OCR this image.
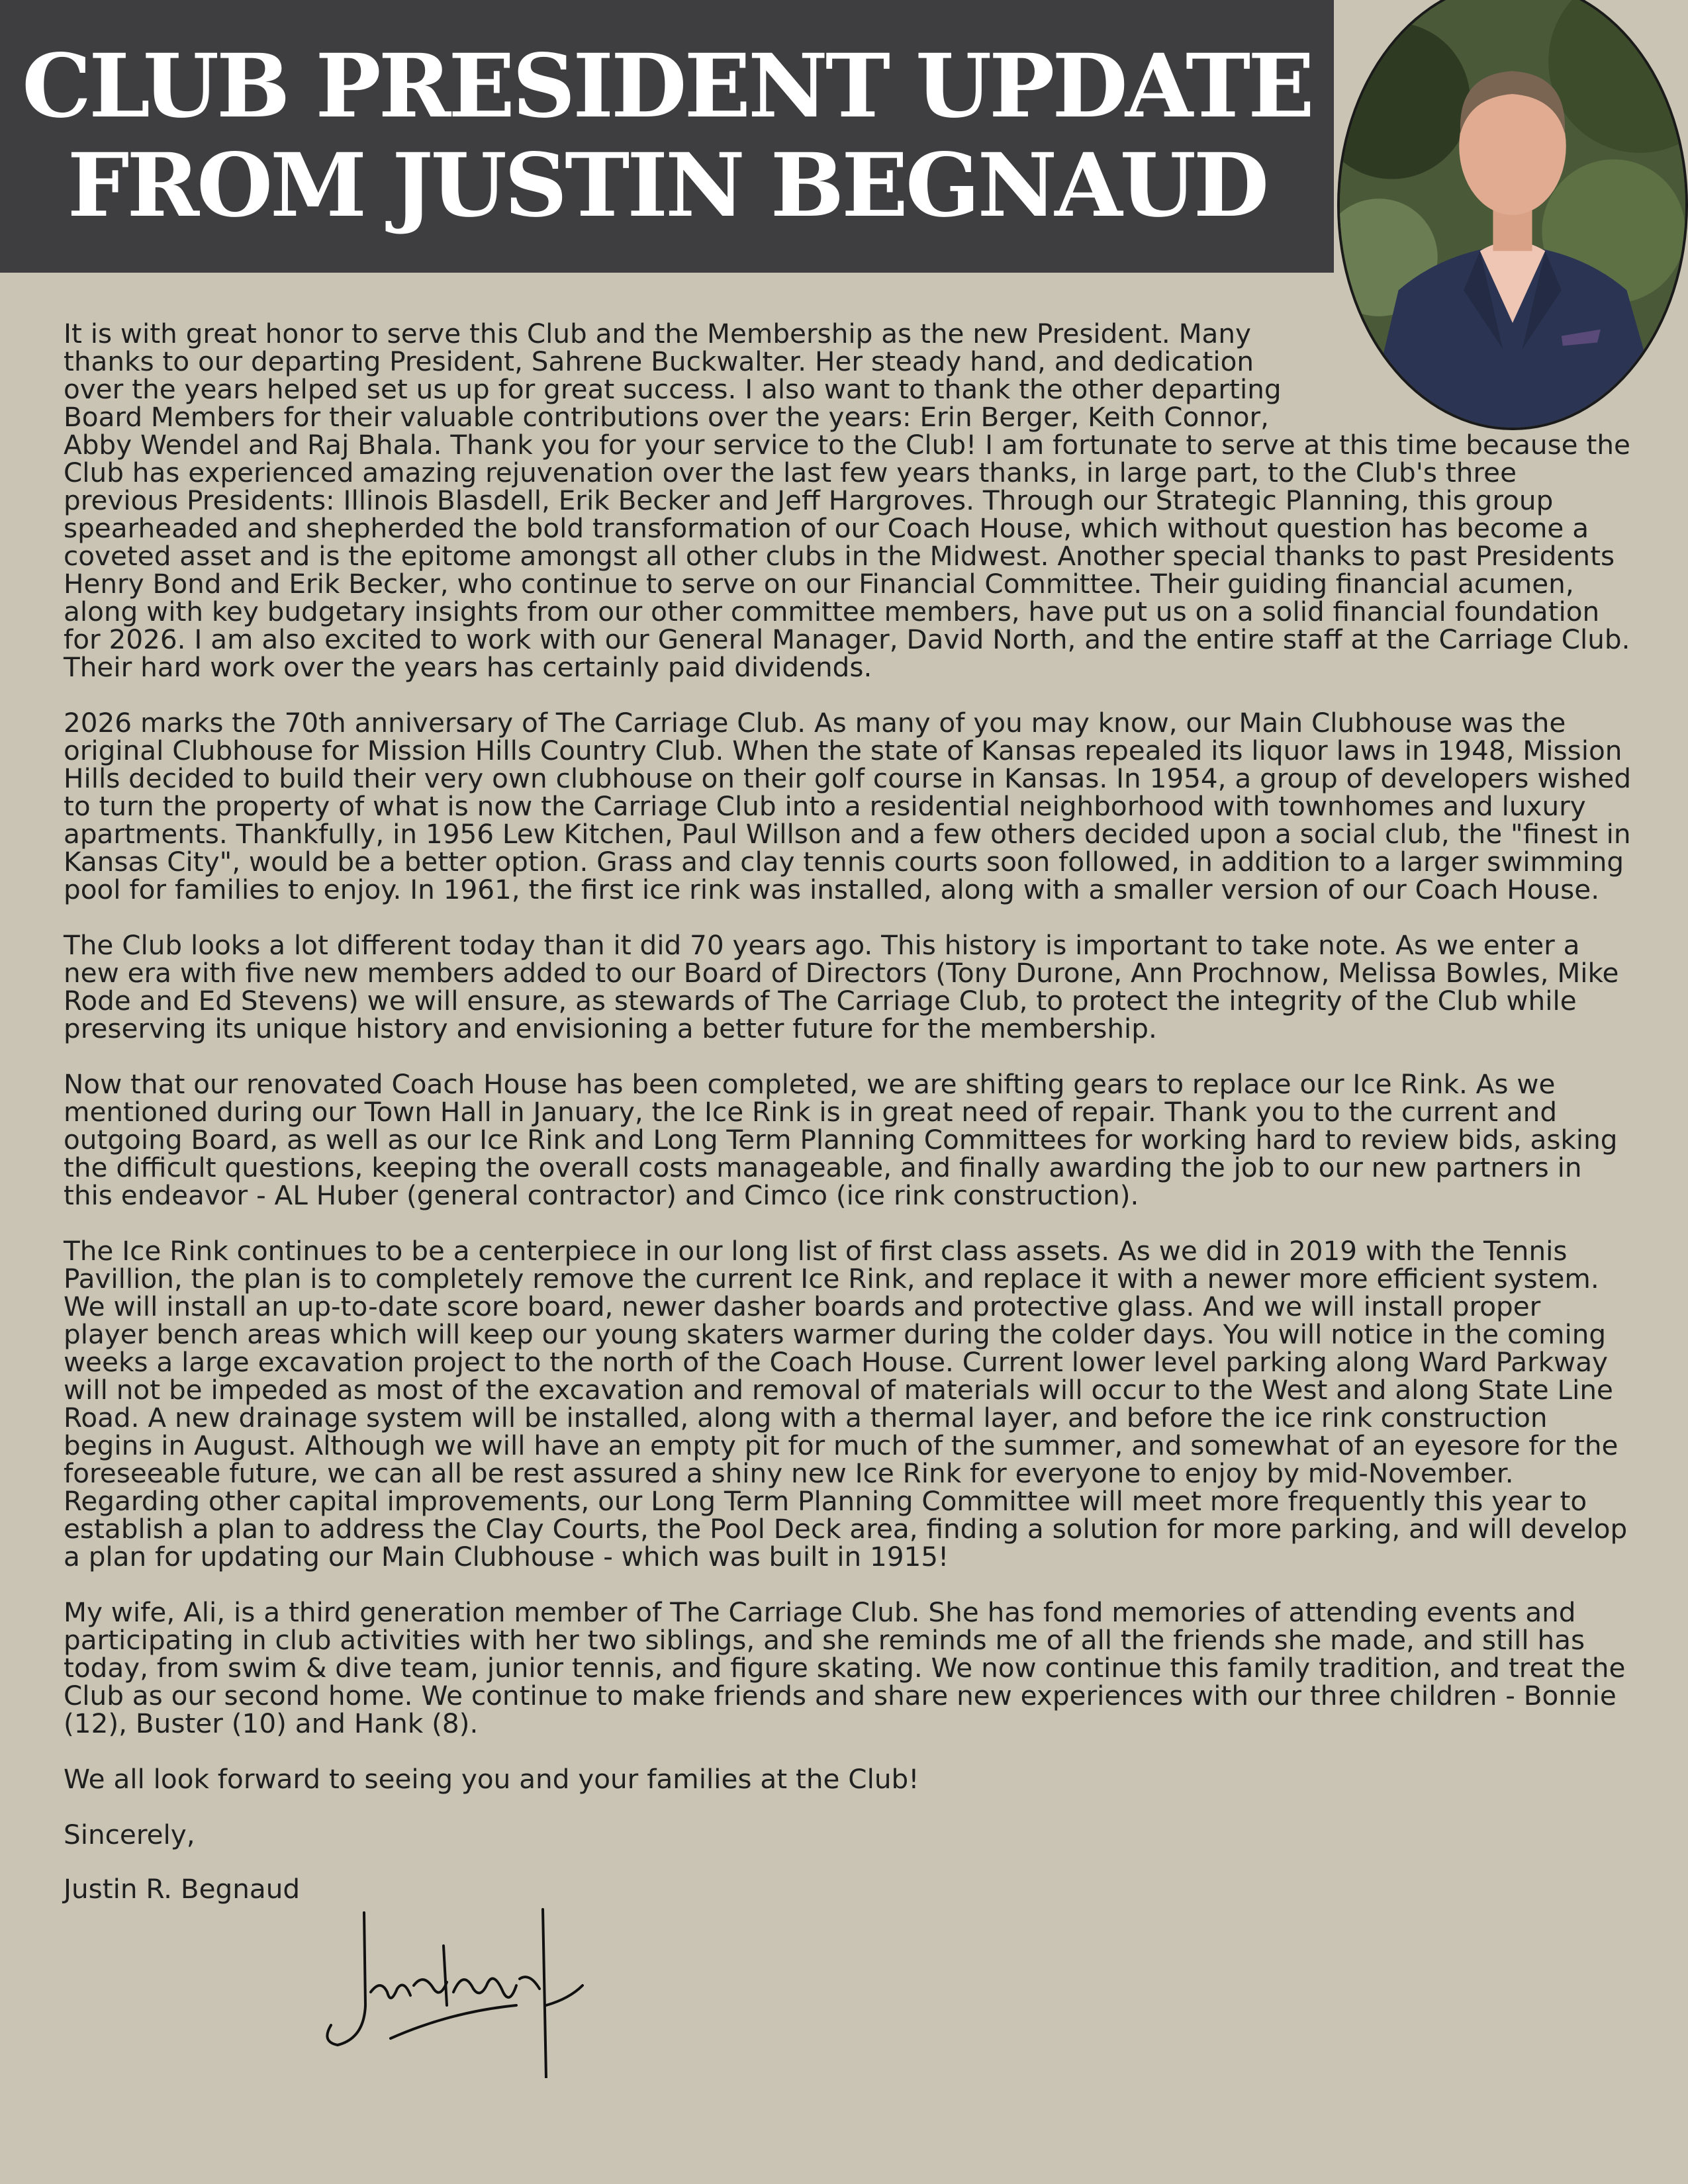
CLUB PRESIDENT UPDATE
FROM JUSTIN BEGNAUD

It is with great honor to serve this Club and the Membership as the new President. Many
thanks to our departing President, Sahrene Buckwalter. Her steady hand, and dedication
over the years helped set us up for great success. I also want to thank the other departing
Board Members for their valuable contributions over the years: Erin Berger, Keith Connor,
Abby Wendel and Raj Bhala. Thank you for your service to the Club! I am fortunate to serve at this time because the Club has experienced amazing rejuvenation over the last few years thanks, in large part, to the Club's three previous Presidents: Illinois Blasdell, Erik Becker and Jeff Hargroves. Through our Strategic Planning, this group spearheaded and shepherded the bold transformation of our Coach House, which without question has become a coveted asset and is the epitome amongst all other clubs in the Midwest. Another special thanks to past Presidents Henry Bond and Erik Becker, who continue to serve on our Financial Committee. Their guiding financial acumen, along with key budgetary insights from our other committee members, have put us on a solid financial foundation for 2026. I am also excited to work with our General Manager, David North, and the entire staff at the Carriage Club. Their hard work over the years has certainly paid dividends.

2026 marks the 70th anniversary of The Carriage Club. As many of you may know, our Main Clubhouse was the original Clubhouse for Mission Hills Country Club. When the state of Kansas repealed its liquor laws in 1948, Mission Hills decided to build their very own clubhouse on their golf course in Kansas. In 1954, a group of developers wished to turn the property of what is now the Carriage Club into a residential neighborhood with townhomes and luxury apartments. Thankfully, in 1956 Lew Kitchen, Paul Willson and a few others decided upon a social club, the "finest in Kansas City", would be a better option. Grass and clay tennis courts soon followed, in addition to a larger swimming pool for families to enjoy. In 1961, the first ice rink was installed, along with a smaller version of our Coach House.

The Club looks a lot different today than it did 70 years ago. This history is important to take note. As we enter a new era with five new members added to our Board of Directors (Tony Durone, Ann Prochnow, Melissa Bowles, Mike Rode and Ed Stevens) we will ensure, as stewards of The Carriage Club, to protect the integrity of the Club while preserving its unique history and envisioning a better future for the membership.

Now that our renovated Coach House has been completed, we are shifting gears to replace our Ice Rink. As we mentioned during our Town Hall in January, the Ice Rink is in great need of repair. Thank you to the current and outgoing Board, as well as our Ice Rink and Long Term Planning Committees for working hard to review bids, asking the difficult questions, keeping the overall costs manageable, and finally awarding the job to our new partners in this endeavor - AL Huber (general contractor) and Cimco (ice rink construction).

The Ice Rink continues to be a centerpiece in our long list of first class assets. As we did in 2019 with the Tennis Pavillion, the plan is to completely remove the current Ice Rink, and replace it with a newer more efficient system. We will install an up-to-date score board, newer dasher boards and protective glass. And we will install proper player bench areas which will keep our young skaters warmer during the colder days. You will notice in the coming weeks a large excavation project to the north of the Coach House. Current lower level parking along Ward Parkway will not be impeded as most of the excavation and removal of materials will occur to the West and along State Line Road. A new drainage system will be installed, along with a thermal layer, and before the ice rink construction begins in August. Although we will have an empty pit for much of the summer, and somewhat of an eyesore for the foreseeable future, we can all be rest assured a shiny new Ice Rink for everyone to enjoy by mid-November. Regarding other capital improvements, our Long Term Planning Committee will meet more frequently this year to establish a plan to address the Clay Courts, the Pool Deck area, finding a solution for more parking, and will develop a plan for updating our Main Clubhouse - which was built in 1915!

My wife, Ali, is a third generation member of The Carriage Club. She has fond memories of attending events and participating in club activities with her two siblings, and she reminds me of all the friends she made, and still has today, from swim & dive team, junior tennis, and figure skating. We now continue this family tradition, and treat the Club as our second home. We continue to make friends and share new experiences with our three children - Bonnie (12), Buster (10) and Hank (8).

We all look forward to seeing you and your families at the Club!

Sincerely,

Justin R. Begnaud
